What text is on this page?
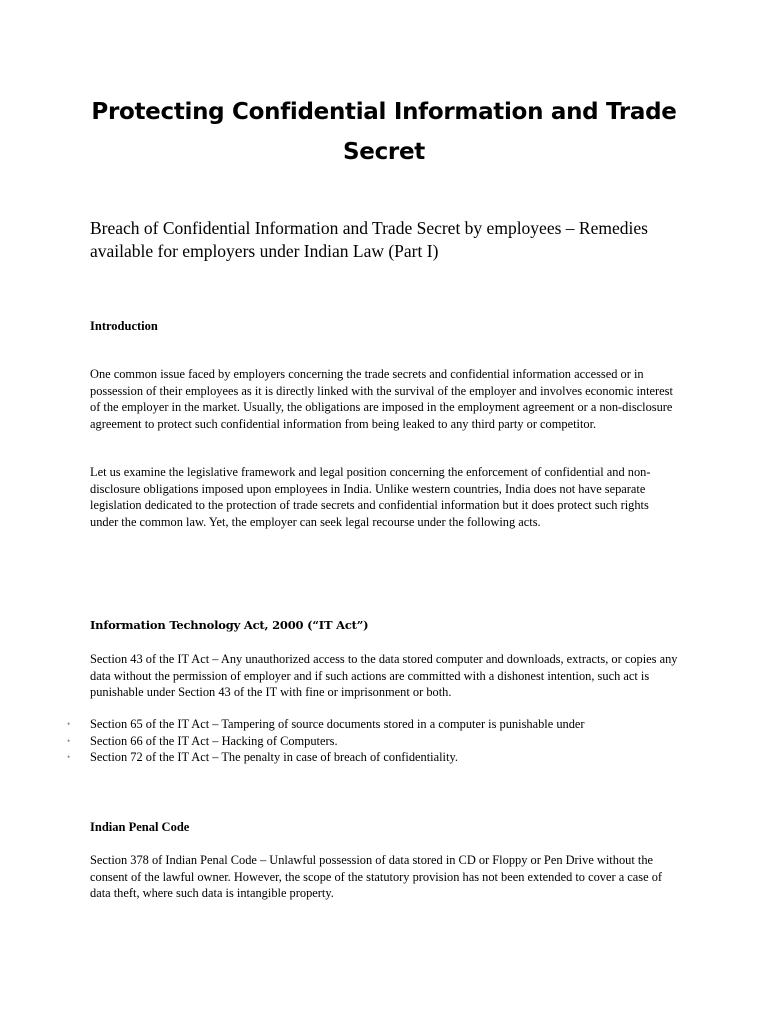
Protecting Confidential Information and Trade Secret

Breach of Confidential Information and Trade Secret by employees – Remedies available for employers under Indian Law (Part I)

Introduction

One common issue faced by employers concerning the trade secrets and confidential information accessed or in possession of their employees as it is directly linked with the survival of the employer and involves economic interest of the employer in the market. Usually, the obligations are imposed in the employment agreement or a non-disclosure agreement to protect such confidential information from being leaked to any third party or competitor.

Let us examine the legislative framework and legal position concerning the enforcement of confidential and non-disclosure obligations imposed upon employees in India. Unlike western countries, India does not have separate legislation dedicated to the protection of trade secrets and confidential information but it does protect such rights under the common law. Yet, the employer can seek legal recourse under the following acts.

Information Technology Act, 2000 (“IT Act”)

Section 43 of the IT Act – Any unauthorized access to the data stored computer and downloads, extracts, or copies any data without the permission of employer and if such actions are committed with a dishonest intention, such act is punishable under Section 43 of the IT with fine or imprisonment or both.

• Section 65 of the IT Act – Tampering of source documents stored in a computer is punishable under
• Section 66 of the IT Act – Hacking of Computers.
• Section 72 of the IT Act – The penalty in case of breach of confidentiality.
Indian Penal Code

Section 378 of Indian Penal Code – Unlawful possession of data stored in CD or Floppy or Pen Drive without the consent of the lawful owner. However, the scope of the statutory provision has not been extended to cover a case of data theft, where such data is intangible property.
